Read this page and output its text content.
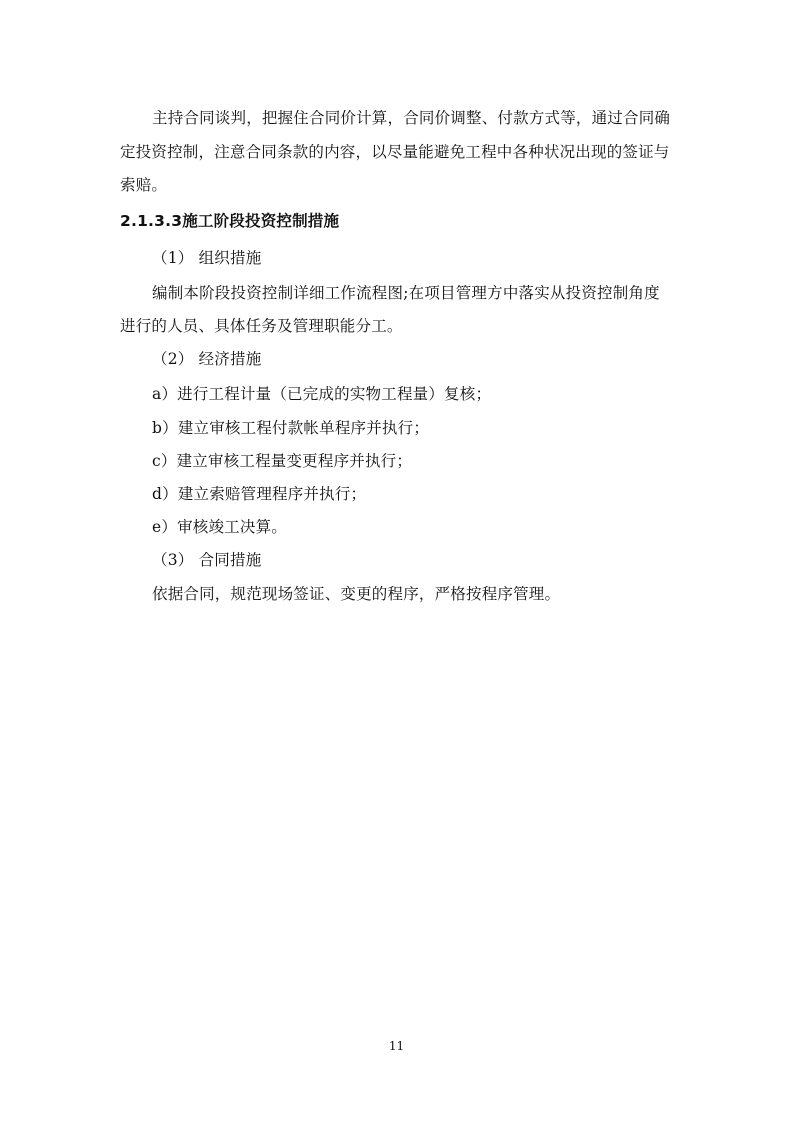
主持合同谈判，把握住合同价计算，合同价调整、付款方式等，通过合同确
定投资控制，注意合同条款的内容，以尽量能避免工程中各种状况出现的签证与
索赔。
2.1.3.3施工阶段投资控制措施
（1） 组织措施
编制本阶段投资控制详细工作流程图;在项目管理方中落实从投资控制角度
进行的人员、具体任务及管理职能分工。
（2） 经济措施
a）进行工程计量（已完成的实物工程量）复核；
b）建立审核工程付款帐单程序并执行；
c）建立审核工程量变更程序并执行；
d）建立索赔管理程序并执行；
e）审核竣工决算。
（3） 合同措施
依据合同，规范现场签证、变更的程序，严格按程序管理。
11
